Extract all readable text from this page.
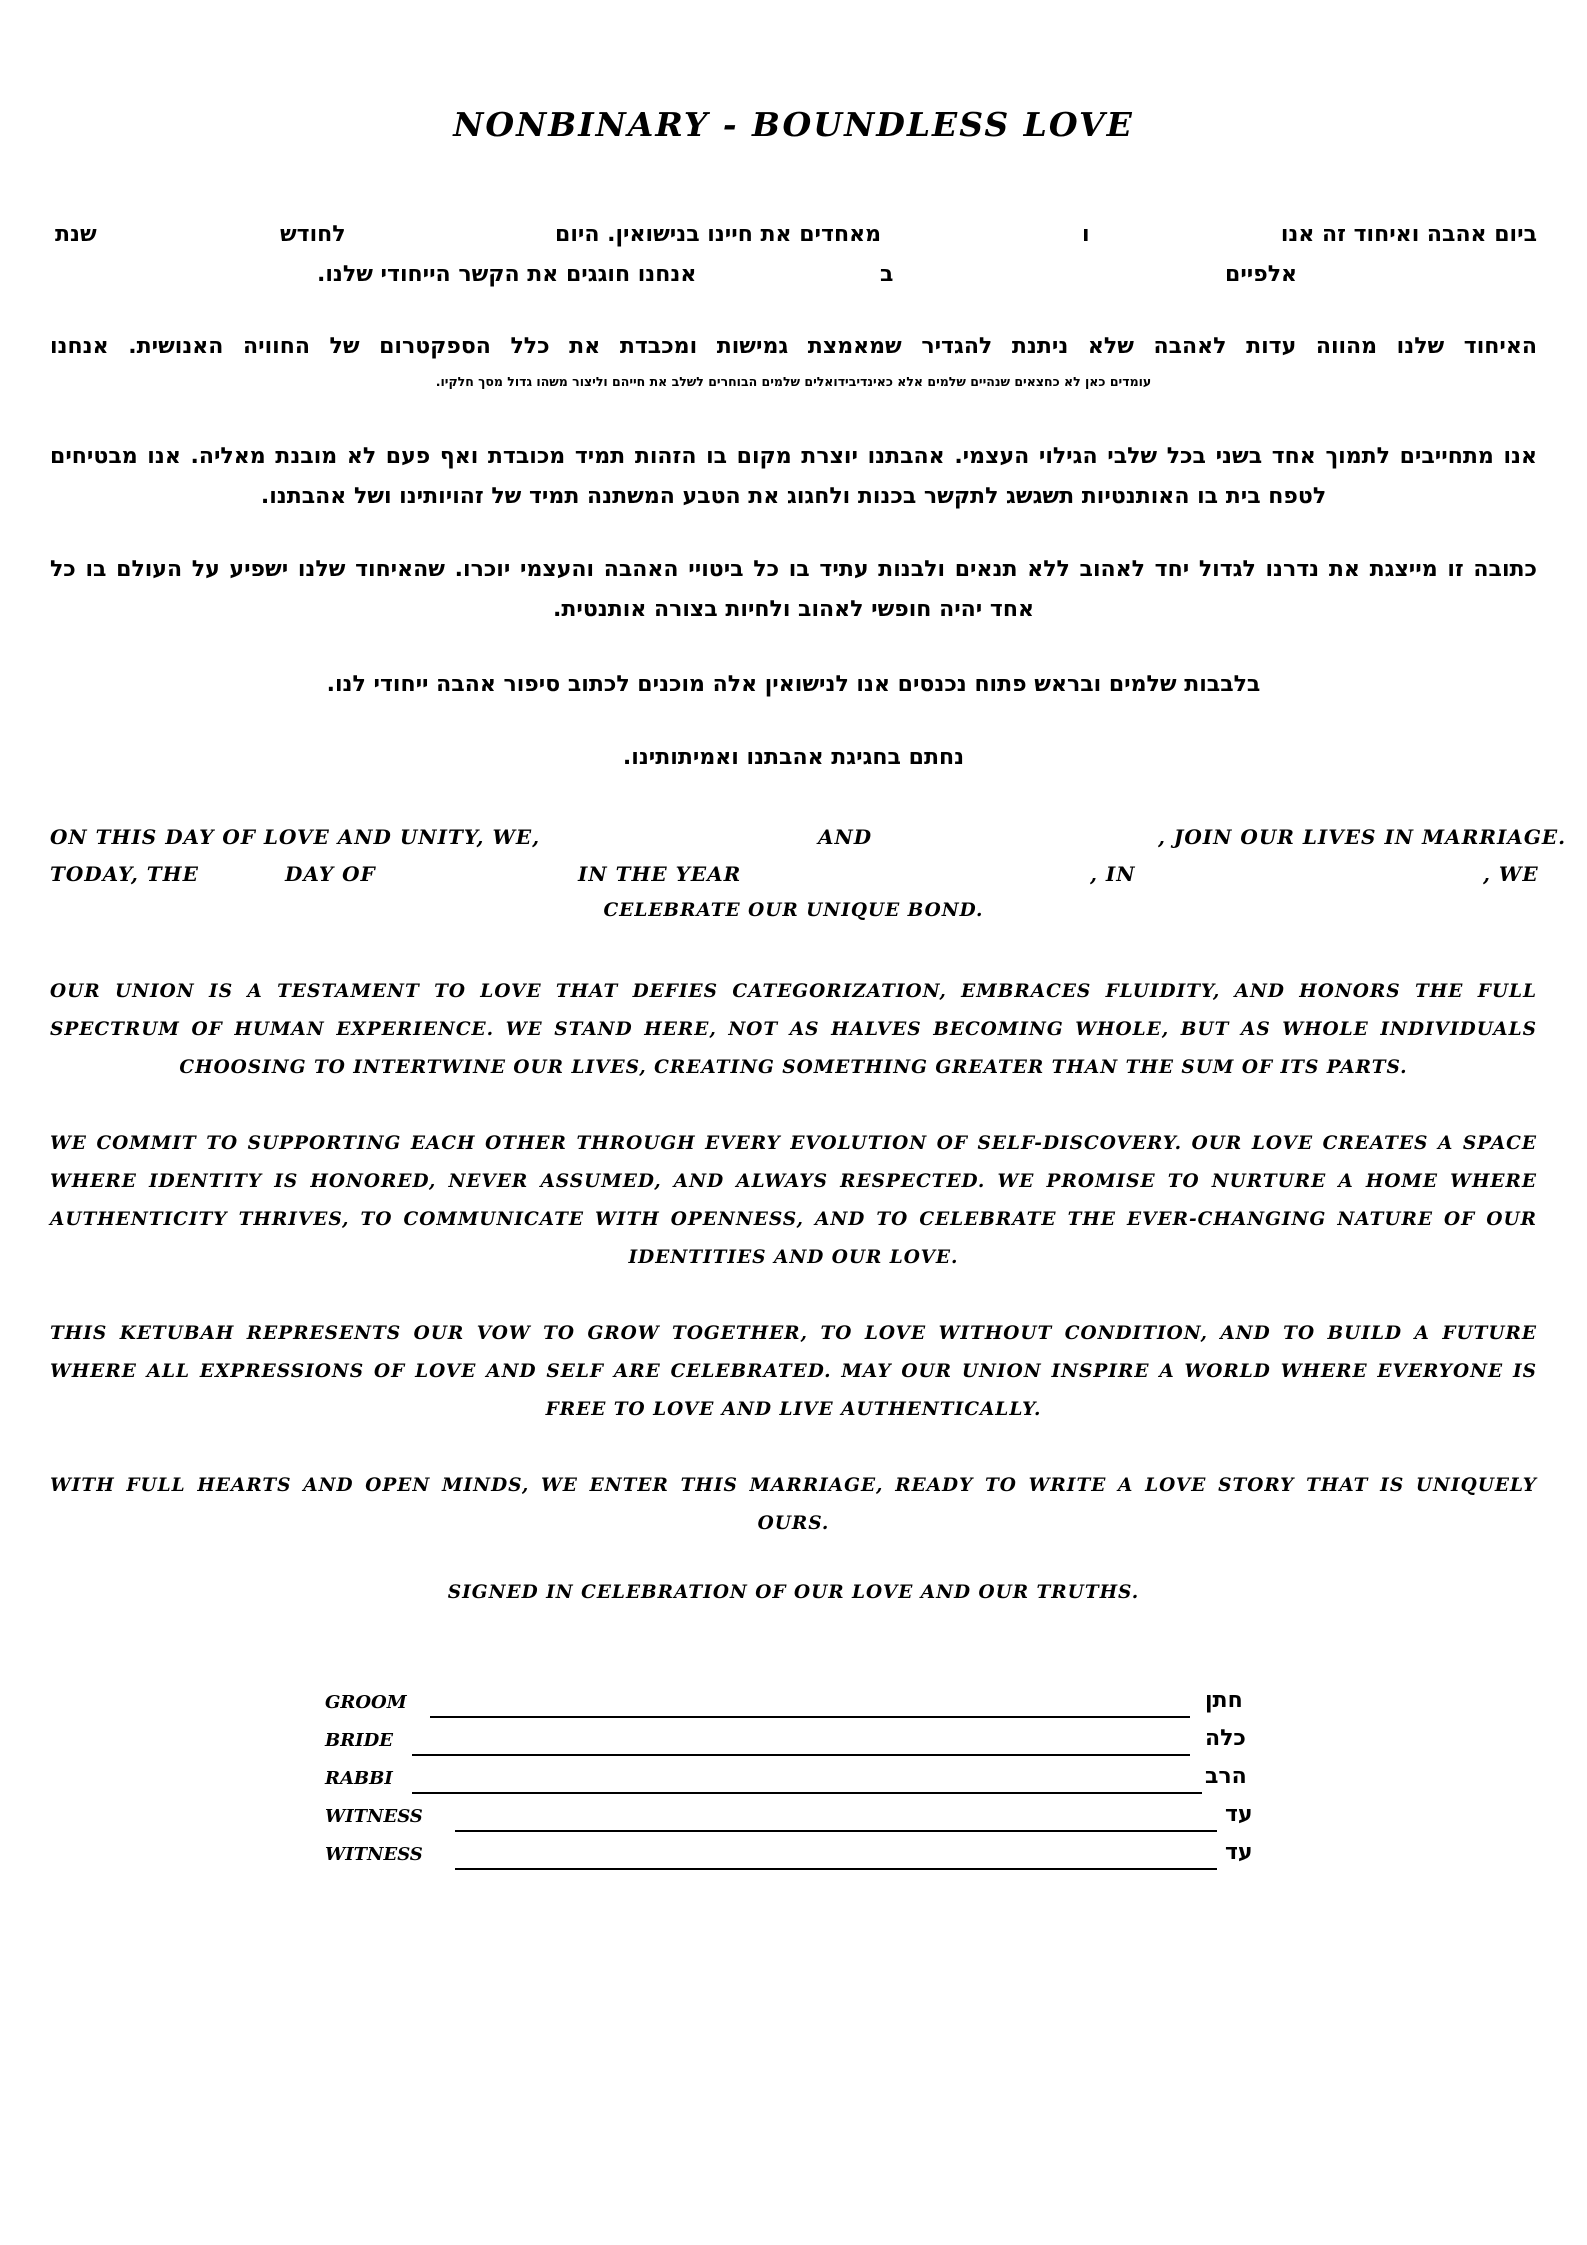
NONBINARY - BOUNDLESS LOVE
ביום אהבה ואיחוד זה אנו
ו
מאחדים את חיינו בנישואין. היום
לחודש
שנת
אלפיים
ב
אנחנו חוגגים את הקשר הייחודי שלנו.
האיחוד שלנו מהווה עדות לאהבה שלא ניתנת להגדיר שמאמצת גמישות ומכבדת את כלל הספקטרום של החוויה האנושית. אנחנו
עומדים כאן לא כחצאים שנהיים שלמים אלא כאינדיבידואלים שלמים הבוחרים לשלב את חייהם וליצור משהו גדול מסך חלקיו.
אנו מתחייבים לתמוך אחד בשני בכל שלבי הגילוי העצמי. אהבתנו יוצרת מקום בו הזהות תמיד מכובדת ואף פעם לא מובנת מאליה. אנו מבטיחים לטפח בית בו האותנטיות תשגשג לתקשר בכנות ולחגוג את הטבע המשתנה תמיד של זהויותינו ושל אהבתנו.
כתובה זו מייצגת את נדרנו לגדול יחד לאהוב ללא תנאים ולבנות עתיד בו כל ביטויי האהבה והעצמי יוכרו. שהאיחוד שלנו ישפיע על העולם בו כל אחד יהיה חופשי לאהוב ולחיות בצורה אותנטית.
בלבבות שלמים ובראש פתוח נכנסים אנו לנישואין אלה מוכנים לכתוב סיפור אהבה ייחודי לנו.
נחתם בחגיגת אהבתנו ואמיתותינו.
ON THIS DAY OF LOVE AND UNITY, WE,	AND	, JOIN OUR LIVES IN MARRIAGE.
TODAY, THE	DAY OF	IN THE YEAR	, IN	, WE
CELEBRATE OUR UNIQUE BOND.
OUR UNION IS A TESTAMENT TO LOVE THAT DEFIES CATEGORIZATION, EMBRACES FLUIDITY, AND HONORS THE FULL SPECTRUM OF HUMAN EXPERIENCE. WE STAND HERE, NOT AS HALVES BECOMING WHOLE, BUT AS WHOLE INDIVIDUALS CHOOSING TO INTERTWINE OUR LIVES, CREATING SOMETHING GREATER THAN THE SUM OF ITS PARTS.
WE COMMIT TO SUPPORTING EACH OTHER THROUGH EVERY EVOLUTION OF SELF-DISCOVERY. OUR LOVE CREATES A SPACE WHERE IDENTITY IS HONORED, NEVER ASSUMED, AND ALWAYS RESPECTED. WE PROMISE TO NURTURE A HOME WHERE AUTHENTICITY THRIVES, TO COMMUNICATE WITH OPENNESS, AND TO CELEBRATE THE EVER-CHANGING NATURE OF OUR IDENTITIES AND OUR LOVE.
THIS KETUBAH REPRESENTS OUR VOW TO GROW TOGETHER, TO LOVE WITHOUT CONDITION, AND TO BUILD A FUTURE WHERE ALL EXPRESSIONS OF LOVE AND SELF ARE CELEBRATED. MAY OUR UNION INSPIRE A WORLD WHERE EVERYONE IS FREE TO LOVE AND LIVE AUTHENTICALLY.
WITH FULL HEARTS AND OPEN MINDS, WE ENTER THIS MARRIAGE, READY TO WRITE A LOVE STORY THAT IS UNIQUELY OURS.
SIGNED IN CELEBRATION OF OUR LOVE AND OUR TRUTHS.
GROOM	חתן
BRIDE	כלה
RABBI	הרב
WITNESS	עד
WITNESS	עד
